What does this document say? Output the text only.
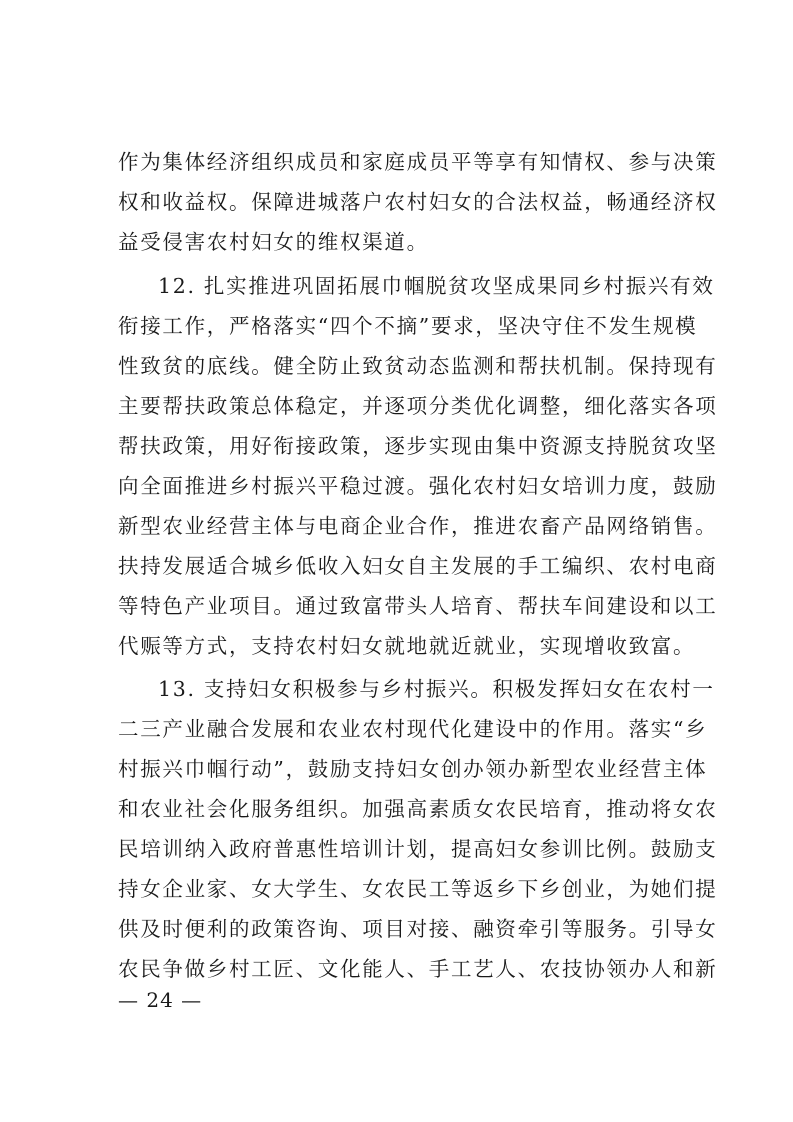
作为集体经济组织成员和家庭成员平等享有知情权、参与决策
权和收益权。保障进城落户农村妇女的合法权益，畅通经济权
益受侵害农村妇女的维权渠道。
12. 扎实推进巩固拓展巾帼脱贫攻坚成果同乡村振兴有效
衔接工作，严格落实“四个不摘”要求，坚决守住不发生规模
性致贫的底线。健全防止致贫动态监测和帮扶机制。保持现有
主要帮扶政策总体稳定，并逐项分类优化调整，细化落实各项
帮扶政策，用好衔接政策，逐步实现由集中资源支持脱贫攻坚
向全面推进乡村振兴平稳过渡。强化农村妇女培训力度，鼓励
新型农业经营主体与电商企业合作，推进农畜产品网络销售。
扶持发展适合城乡低收入妇女自主发展的手工编织、农村电商
等特色产业项目。通过致富带头人培育、帮扶车间建设和以工
代赈等方式，支持农村妇女就地就近就业，实现增收致富。
13. 支持妇女积极参与乡村振兴。积极发挥妇女在农村一
二三产业融合发展和农业农村现代化建设中的作用。落实“乡
村振兴巾帼行动”，鼓励支持妇女创办领办新型农业经营主体
和农业社会化服务组织。加强高素质女农民培育，推动将女农
民培训纳入政府普惠性培训计划，提高妇女参训比例。鼓励支
持女企业家、女大学生、女农民工等返乡下乡创业，为她们提
供及时便利的政策咨询、项目对接、融资牵引等服务。引导女
农民争做乡村工匠、文化能人、手工艺人、农技协领办人和新
— 24 —
